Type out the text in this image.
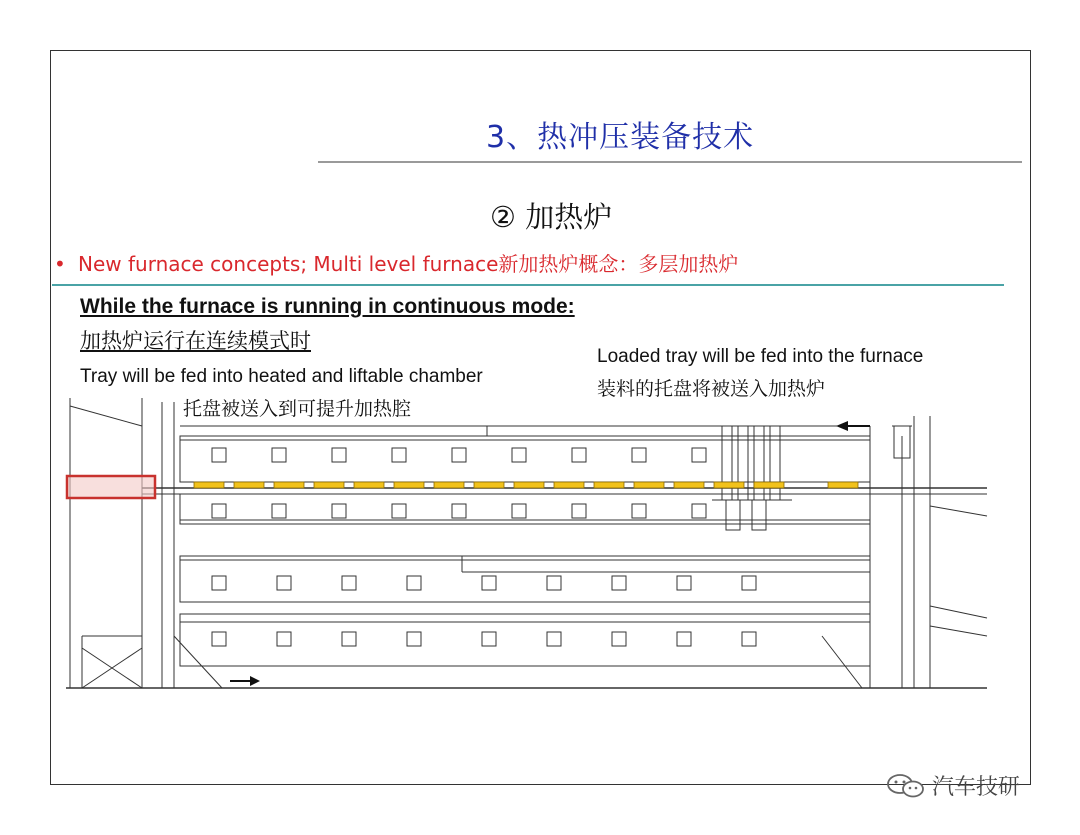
3、热冲压装备技术
② 加热炉
• New furnace concepts; Multi level furnace新加热炉概念：多层加热炉
While the furnace is running in continuous mode:
加热炉运行在连续模式时
Tray will be fed into heated and liftable chamber
托盘被送入到可提升加热腔
Loaded tray will be fed into the furnace
装料的托盘将被送入加热炉
汽车技研
